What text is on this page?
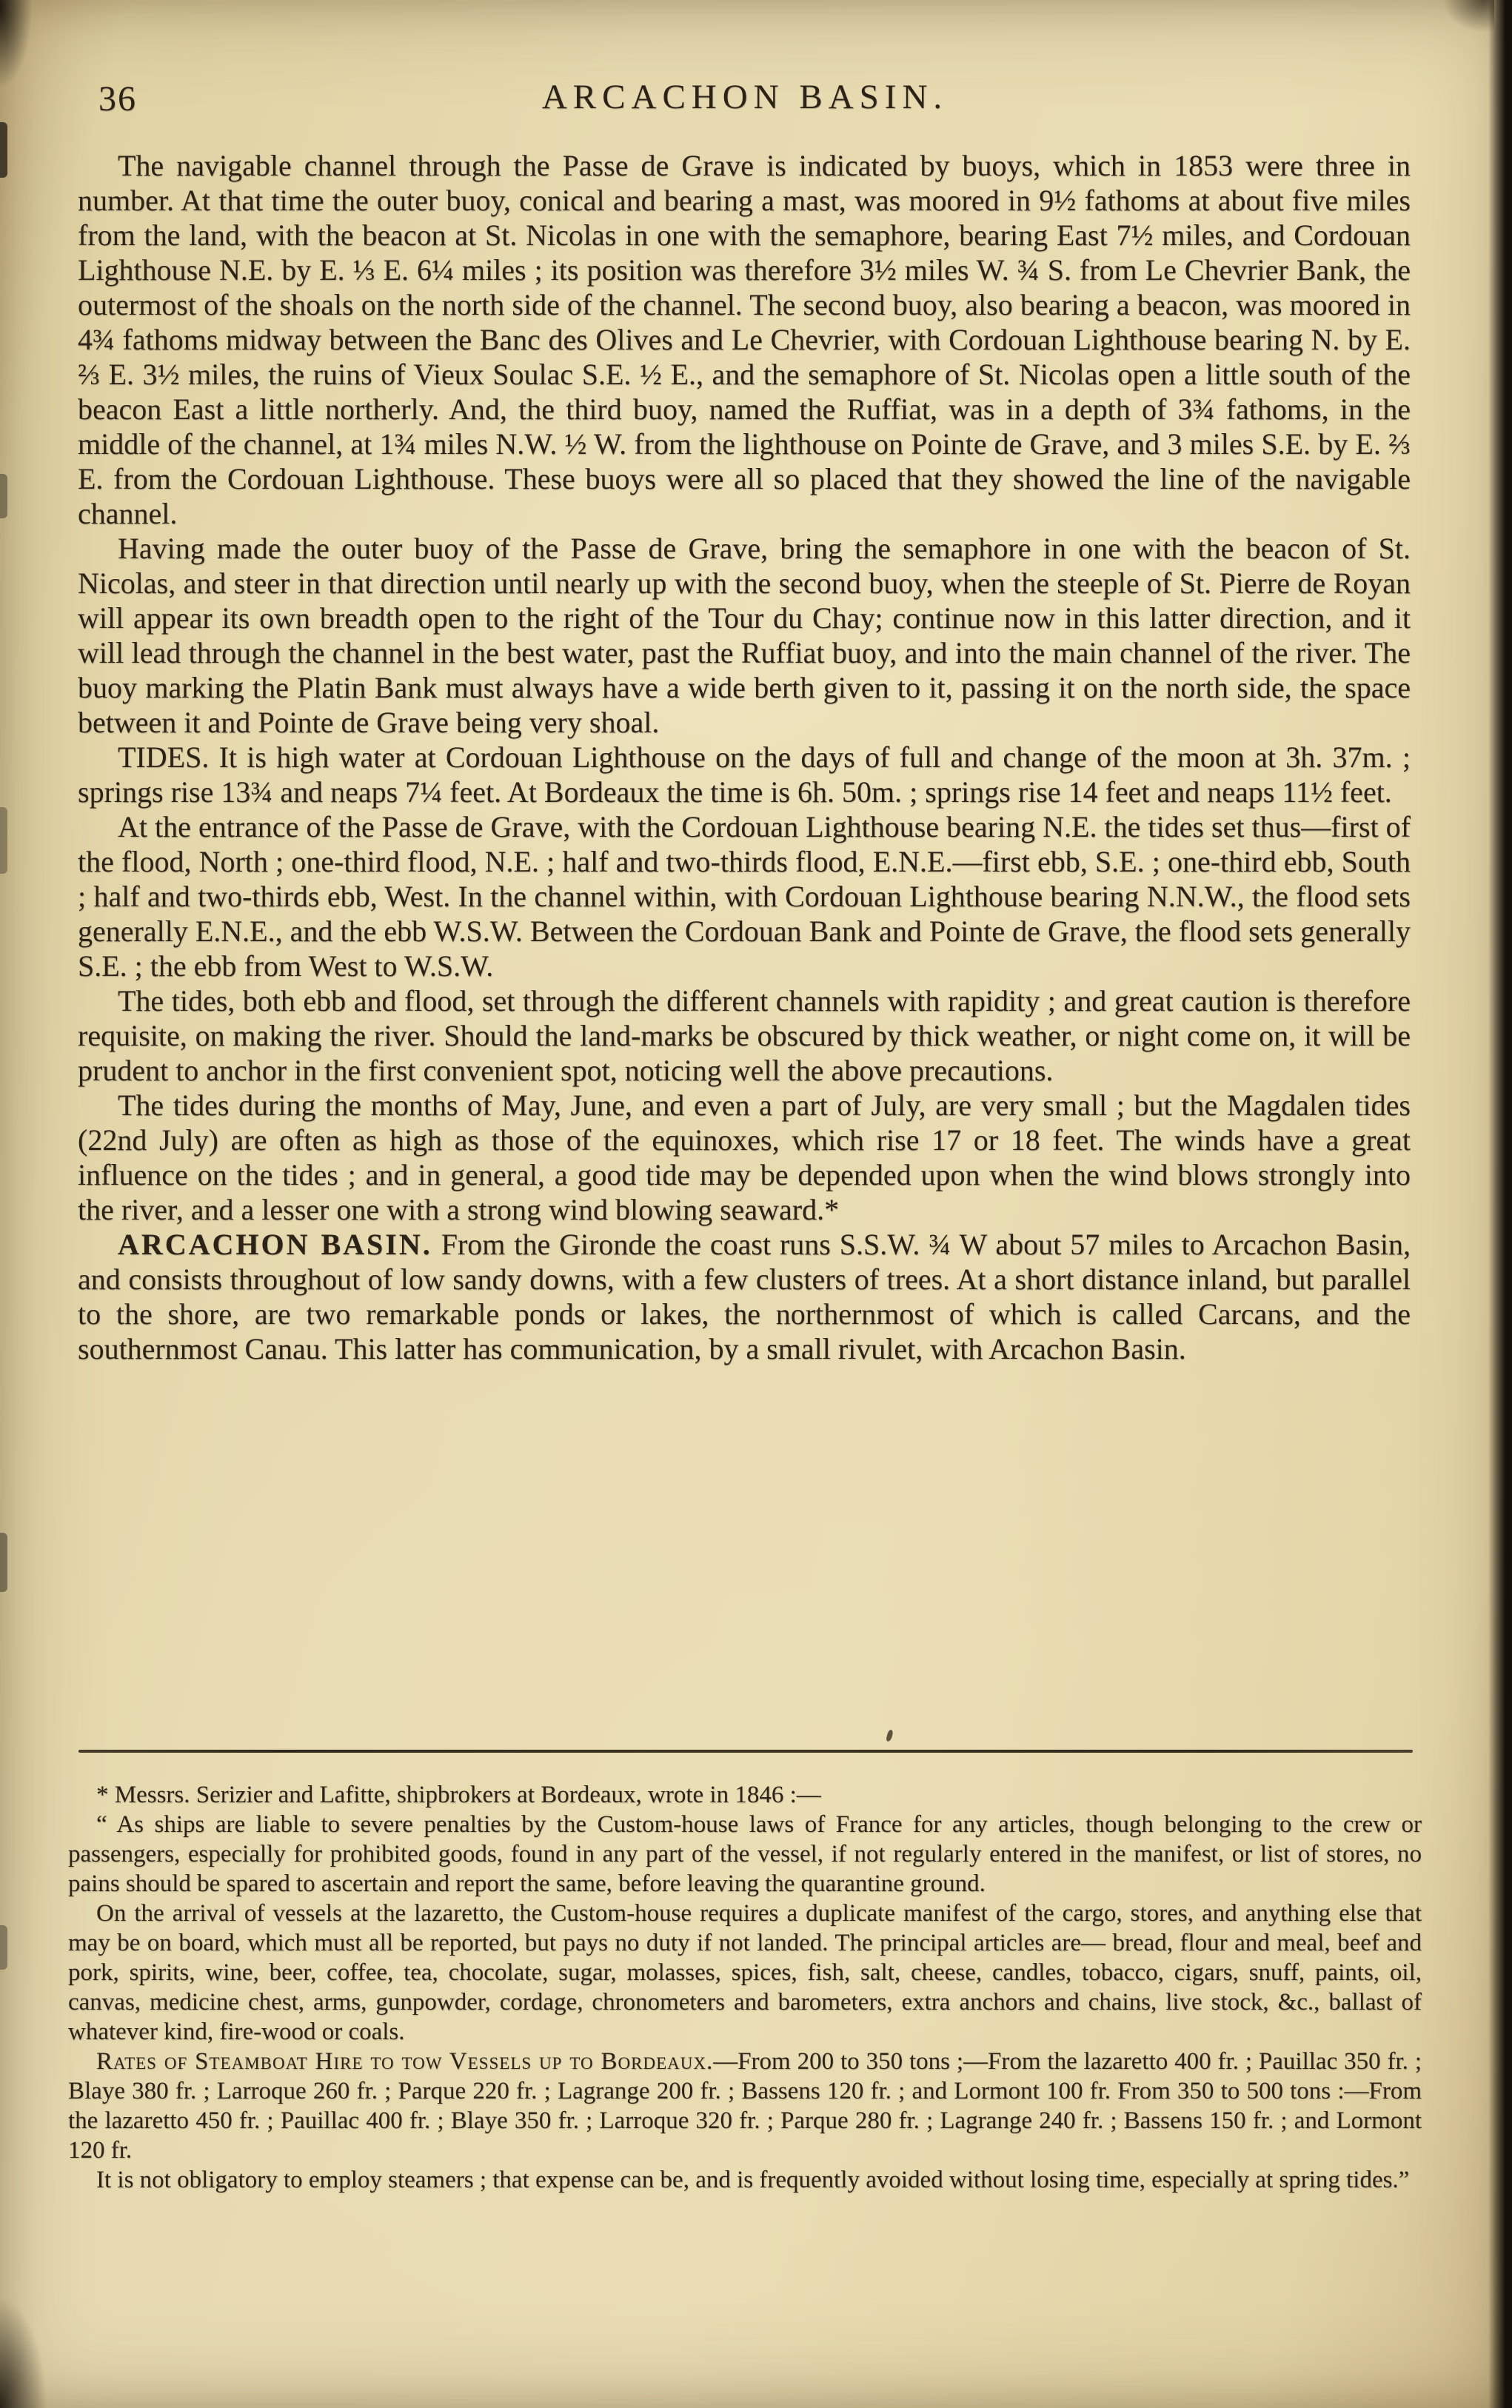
36	ARCACHON BASIN.

The navigable channel through the Passe de Grave is indicated by buoys, which in 1853 were three in number. At that time the outer buoy, conical and bearing a mast, was moored in 9½ fathoms at about five miles from the land, with the beacon at St. Nicolas in one with the semaphore, bearing East 7½ miles, and Cordouan Lighthouse N.E. by E. ⅓ E. 6¼ miles ; its position was therefore 3½ miles W. ¾ S. from Le Chevrier Bank, the outermost of the shoals on the north side of the channel. The second buoy, also bearing a beacon, was moored in 4¾ fathoms midway between the Banc des Olives and Le Chevrier, with Cordouan Lighthouse bearing N. by E. ⅔ E. 3½ miles, the ruins of Vieux Soulac S.E. ½ E., and the semaphore of St. Nicolas open a little south of the beacon East a little northerly. And, the third buoy, named the Ruffiat, was in a depth of 3¾ fathoms, in the middle of the channel, at 1¾ miles N.W. ½ W. from the lighthouse on Pointe de Grave, and 3 miles S.E. by E. ⅔ E. from the Cordouan Lighthouse. These buoys were all so placed that they showed the line of the navigable channel.

Having made the outer buoy of the Passe de Grave, bring the semaphore in one with the beacon of St. Nicolas, and steer in that direction until nearly up with the second buoy, when the steeple of St. Pierre de Royan will appear its own breadth open to the right of the Tour du Chay; continue now in this latter direction, and it will lead through the channel in the best water, past the Ruffiat buoy, and into the main channel of the river. The buoy marking the Platin Bank must always have a wide berth given to it, passing it on the north side, the space between it and Pointe de Grave being very shoal.

TIDES. It is high water at Cordouan Lighthouse on the days of full and change of the moon at 3h. 37m. ; springs rise 13¾ and neaps 7¼ feet. At Bordeaux the time is 6h. 50m. ; springs rise 14 feet and neaps 11½ feet.

At the entrance of the Passe de Grave, with the Cordouan Lighthouse bearing N.E. the tides set thus—first of the flood, North ; one-third flood, N.E. ; half and two-thirds flood, E.N.E.—first ebb, S.E. ; one-third ebb, South ; half and two-thirds ebb, West. In the channel within, with Cordouan Lighthouse bearing N.N.W., the flood sets generally E.N.E., and the ebb W.S.W. Between the Cordouan Bank and Pointe de Grave, the flood sets generally S.E. ; the ebb from West to W.S.W.

The tides, both ebb and flood, set through the different channels with rapidity ; and great caution is therefore requisite, on making the river. Should the land-marks be obscured by thick weather, or night come on, it will be prudent to anchor in the first convenient spot, noticing well the above precautions.

The tides during the months of May, June, and even a part of July, are very small ; but the Magdalen tides (22nd July) are often as high as those of the equinoxes, which rise 17 or 18 feet. The winds have a great influence on the tides ; and in general, a good tide may be depended upon when the wind blows strongly into the river, and a lesser one with a strong wind blowing seaward.*

ARCACHON BASIN. From the Gironde the coast runs S.S.W. ¾ W about 57 miles to Arcachon Basin, and consists throughout of low sandy downs, with a few clusters of trees. At a short distance inland, but parallel to the shore, are two remarkable ponds or lakes, the northernmost of which is called Carcans, and the southernmost Canau. This latter has communication, by a small rivulet, with Arcachon Basin.

* Messrs. Serizier and Lafitte, shipbrokers at Bordeaux, wrote in 1846 :—

“ As ships are liable to severe penalties by the Custom-house laws of France for any articles, though belonging to the crew or passengers, especially for prohibited goods, found in any part of the vessel, if not regularly entered in the manifest, or list of stores, no pains should be spared to ascertain and report the same, before leaving the quarantine ground.

On the arrival of vessels at the lazaretto, the Custom-house requires a duplicate manifest of the cargo, stores, and anything else that may be on board, which must all be reported, but pays no duty if not landed. The principal articles are— bread, flour and meal, beef and pork, spirits, wine, beer, coffee, tea, chocolate, sugar, molasses, spices, fish, salt, cheese, candles, tobacco, cigars, snuff, paints, oil, canvas, medicine chest, arms, gunpowder, cordage, chronometers and barometers, extra anchors and chains, live stock, &c., ballast of whatever kind, fire-wood or coals.

Rates of Steamboat Hire to tow Vessels up to Bordeaux.—From 200 to 350 tons ;—From the lazaretto 400 fr. ; Pauillac 350 fr. ; Blaye 380 fr. ; Larroque 260 fr. ; Parque 220 fr. ; Lagrange 200 fr. ; Bassens 120 fr. ; and Lormont 100 fr. From 350 to 500 tons :—From the lazaretto 450 fr. ; Pauillac 400 fr. ; Blaye 350 fr. ; Larroque 320 fr. ; Parque 280 fr. ; Lagrange 240 fr. ; Bassens 150 fr. ; and Lormont 120 fr.

It is not obligatory to employ steamers ; that expense can be, and is frequently avoided without losing time, especially at spring tides.”
